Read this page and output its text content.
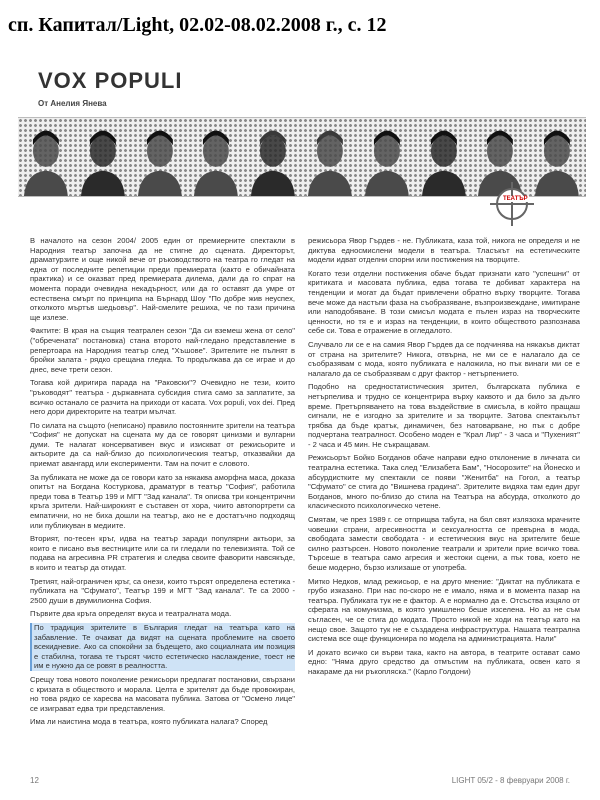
сп. Капитал/Light, 02.02-08.02.2008 г., с. 12
VOX POPULI
От Анелия Янева
ТЕАТЪР

В началото на сезон 2004/ 2005 един от премиерните спектакли в Народния театър започна да не стигне до сцената. Директорът, драматурзите и още никой вече от ръководството на театра го гледат на една от последните репетиции преди премиерата (както е обичайната практика) и се оказват пред премиерата дилема, дали да го спрат на момента поради очевидна некадърност, или да го оставят да умре от естествена смърт по принципа на Бърнард Шоу "По добре жив неуспех, отколкото мъртъв шедьовър". Най-смелите решиха, че по тази причина ще излезе.

Фактите: В края на същия театрален сезон "Да си вземеш жена от село" ("обречената" постановка) стана второто най-гледано представление в репертоара на Народния театър след "Хъшове". Зрителите не пълнят в бройки залата - рядко срещана гледка. То продължава да се играе и до днес, вече трети сезон.

Тогава кой диригира парада на "Раковски"? Очевидно не тези, които "ръководят" театъра - държавната субсидия стига само за заплатите, за всичко останало се разчита на приходи от касата. Vox populi, vox dei. Пред него дори директорите на театри мълчат.

По силата на същото (неписано) правило постоянните зрители на театъра "София" не допускат на сцената му да се говорят цинизми и вулгарни думи. Те налагат консервативен вкус и изискват от режисьорите и актьорите да са най-близо до психологическия театър, отказвайки да приемат авангард или експерименти. Там на почит е словото.

За публиката не може да се говори като за някаква аморфна маса, доказа опитът на Богдана Костуркова, драматург в театър "София", работила преди това в Театър 199 и МГТ "Зад канала". Тя описва три концентрични кръга зрители. Най-широкият е съставен от хора, чиито автопортрети са емпатични, но не биха дошли на театър, ако не е достатъчно подходящ или публикуван в медиите.

Вторият, по-тесен кръг, идва на театър заради популярни актьори, за които е писано във вестниците или са ги гледали по телевизията. Той се подава на агресивна PR стратегия и следва своите фаворити навсякъде, в които и театър да отидат.

Третият, най-ограничен кръг, са онези, които търсят определена естетика - публиката на "Сфумато", Театър 199 и МГТ "Зад канала". Те са 2000 - 2500 души в двумилионна София.

Първите два кръга определят вкуса и театралната мода.

По традиция зрителите в България гледат на театъра като на забавление. Те очакват да видят на сцената проблемите на своето всекидневие. Ако са спокойни за бъдещето, ако социалната им позиция е стабилна, тогава те търсят чисто естетическо наслаждение, тоест не им е нужно да се ровят в реалността.

Срещу това новото поколение режисьори предлагат постановки, свързани с кризата в обществото и морала. Целта е зрителят да бъде провокиран, но това рядко се харесва на масовата публика. Затова от "Осмено лице" се изиграват едва три представления.

Има ли наистина мода в театъра, която публиката налага? Според

режисьора Явор Гърдев - не. Публиката, каза той, никога не определя и не диктува едносмислени модели в театъра. Тласъкът на естетическите модели идват отделни спорни или постижения на творците.

Когато тези отделни постижения обаче бъдат признати като "успешни" от критиката и масовата публика, едва тогава те добиват характера на тенденции и могат да бъдат привлечени обратно върху творците. Тогава вече може да настъпи фаза на съобразяване, възпроизвеждане, имитиране или наподобяване. В този смисъл модата е пълен израз на творческите ценности, но тя е и израз на тенденции, в които обществото разпознава себе си. Това е отражение в огледалото.

Случвало ли се е на самия Явор Гърдев да се подчинява на някакъв диктат от страна на зрителите? Никога, отвърна, не ми се е налагало да се съобразявам с мода, която публиката е наложила, но пък винаги ми се е налагало да се съобразявам с друг фактор - нетърпението.

Подобно на средностатистическия зрител, българската публика е нетърпелива и трудно се концентрира върху каквото и да било за дълго време. Претърпяването на това въздействие в смисъла, в който пращаш сигнали, не е изгодно за зрителите и за творците. Затова спектакълът трябва да бъде кратък, динамичен, без натоварване, но пък с добре подчертана театралност. Особено моден е "Крал Лир" - 3 часа и "Пухеният" - 2 часа и 45 мин. Не съкращавам.

Режисьорът Бойко Богданов обаче направи едно отклонение в личната си театрална естетика. Така след "Елизабета Бам", "Носорозите" на Йонеско и абсурдистките му спектакли се появи "Женитба" на Гогол, а театър "Сфумато" се стига до "Вишнева градина". Зрителите видяха там един друг Богданов, много по-близо до стила на Театъра на абсурда, отколкото до класическото психологическо четене.

Смятам, че през 1989 г. се отприщва табута, на бял свят излязоха мрачните човешки страни, агресивността и сексуалността се превърна в мода, свободата замести свободата - и естетическия вкус на зрителите беше силно разтърсен. Новото поколение театрали и зрители прие всичко това. Търсеше в театъра само агресия и жестоки сцени, а пък това, което не беше модерно, бързо излизаше от употреба.

Митко Недков, млад режисьор, е на друго мнение: "Диктат на публиката е грубо изказано. При нас по-скоро не е имало, няма и в момента пазар на театъра. Публиката тук не е фактор. А е нормално да е. Отсъства изцяло от сферата на комунизма, в която умишлено беше изселена. Но аз не съм съгласен, че се стига до модата. Просто никой не ходи на театър като на нещо свое. Защото тук не е създадена инфраструктура. Нашата театрална система все още функционира по модела на администрацията. Нали"

И докато всичко си върви така, както на автора, в театрите остават само едно: "Няма друго средство да отмъстим на публиката, освен като я накараме да ни ръкопляска." (Карло Голдони)

12	LIGHT 05/2 - 8 февруари 2008 г.
